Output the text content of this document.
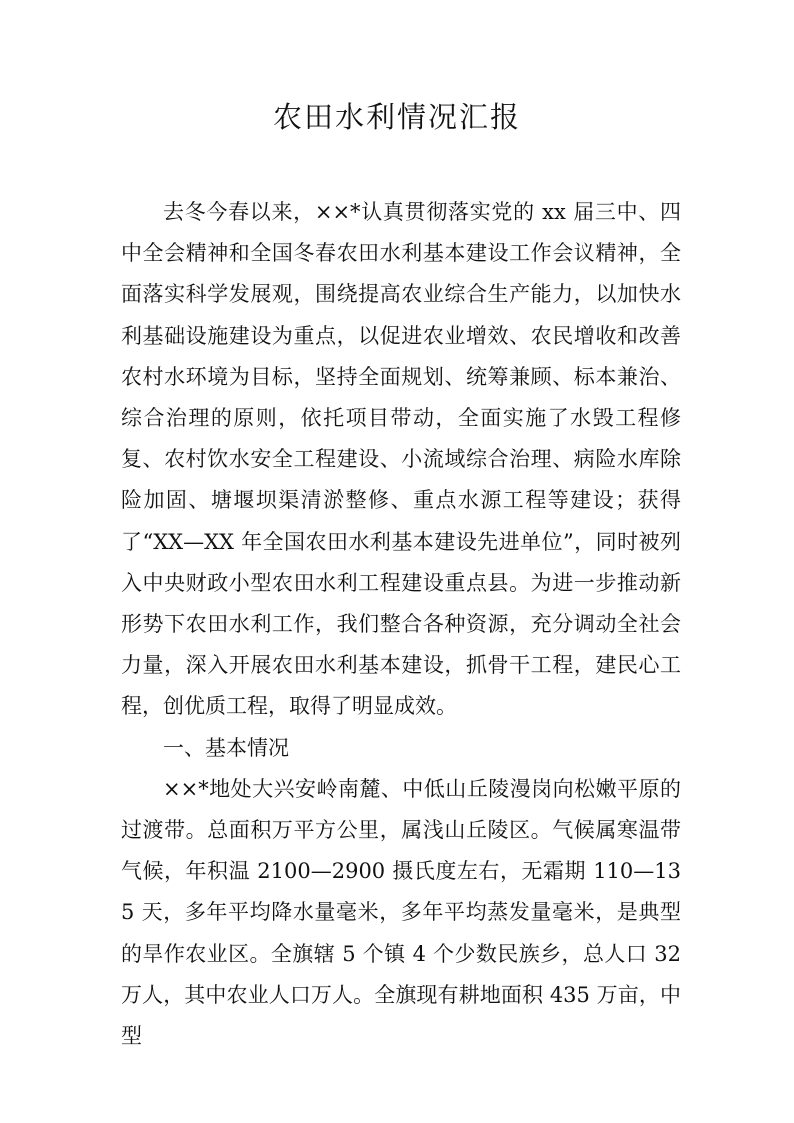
农田水利情况汇报

去冬今春以来，××*认真贯彻落实党的 xx 届三中、四中全会精神和全国冬春农田水利基本建设工作会议精神，全面落实科学发展观，围绕提高农业综合生产能力，以加快水利基础设施建设为重点，以促进农业增效、农民增收和改善农村水环境为目标，坚持全面规划、统筹兼顾、标本兼治、综合治理的原则，依托项目带动，全面实施了水毁工程修复、农村饮水安全工程建设、小流域综合治理、病险水库除险加固、塘堰坝渠清淤整修、重点水源工程等建设；获得了“XX—XX 年全国农田水利基本建设先进单位”，同时被列入中央财政小型农田水利工程建设重点县。为进一步推动新形势下农田水利工作，我们整合各种资源，充分调动全社会力量，深入开展农田水利基本建设，抓骨干工程，建民心工程，创优质工程，取得了明显成效。

一、基本情况

××*地处大兴安岭南麓、中低山丘陵漫岗向松嫩平原的过渡带。总面积万平方公里，属浅山丘陵区。气候属寒温带气候，年积温 2100—2900 摄氏度左右，无霜期 110—135 天，多年平均降水量毫米，多年平均蒸发量毫米，是典型的旱作农业区。全旗辖 5 个镇 4 个少数民族乡，总人口 32 万人，其中农业人口万人。全旗现有耕地面积 435 万亩，中型
